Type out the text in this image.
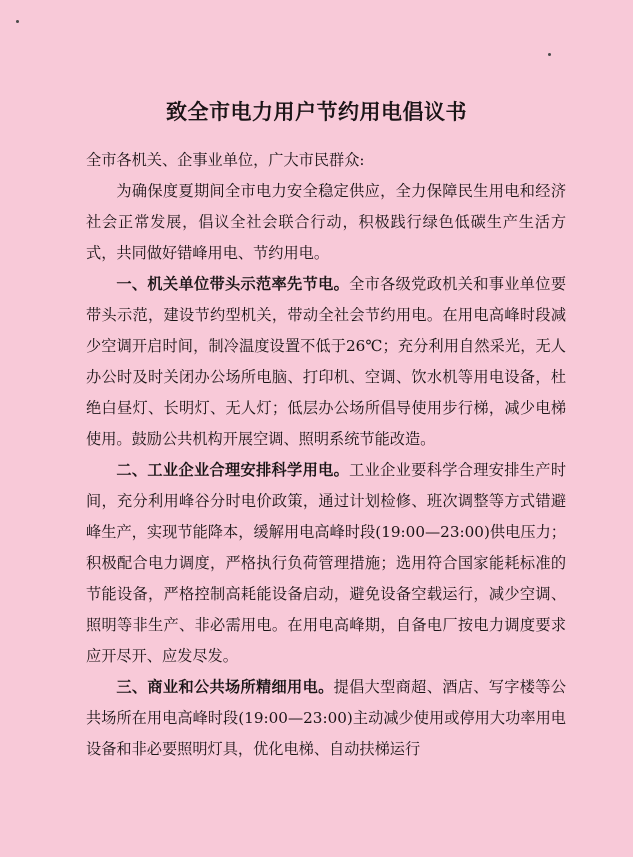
致全市电力用户节约用电倡议书

全市各机关、企事业单位，广大市民群众:

为确保度夏期间全市电力安全稳定供应，全力保障民生用电和经济社会正常发展，倡议全社会联合行动，积极践行绿色低碳生产生活方式，共同做好错峰用电、节约用电。

一、机关单位带头示范率先节电。全市各级党政机关和事业单位要带头示范，建设节约型机关，带动全社会节约用电。在用电高峰时段减少空调开启时间，制冷温度设置不低于26℃；充分利用自然采光，无人办公时及时关闭办公场所电脑、打印机、空调、饮水机等用电设备，杜绝白昼灯、长明灯、无人灯；低层办公场所倡导使用步行梯，减少电梯使用。鼓励公共机构开展空调、照明系统节能改造。

二、工业企业合理安排科学用电。工业企业要科学合理安排生产时间，充分利用峰谷分时电价政策，通过计划检修、班次调整等方式错避峰生产，实现节能降本，缓解用电高峰时段(19:00—23:00)供电压力；积极配合电力调度，严格执行负荷管理措施；选用符合国家能耗标准的节能设备，严格控制高耗能设备启动，避免设备空载运行，减少空调、照明等非生产、非必需用电。在用电高峰期，自备电厂按电力调度要求应开尽开、应发尽发。

三、商业和公共场所精细用电。提倡大型商超、酒店、写字楼等公共场所在用电高峰时段(19:00—23:00)主动减少使用或停用大功率用电设备和非必要照明灯具，优化电梯、自动扶梯运行
